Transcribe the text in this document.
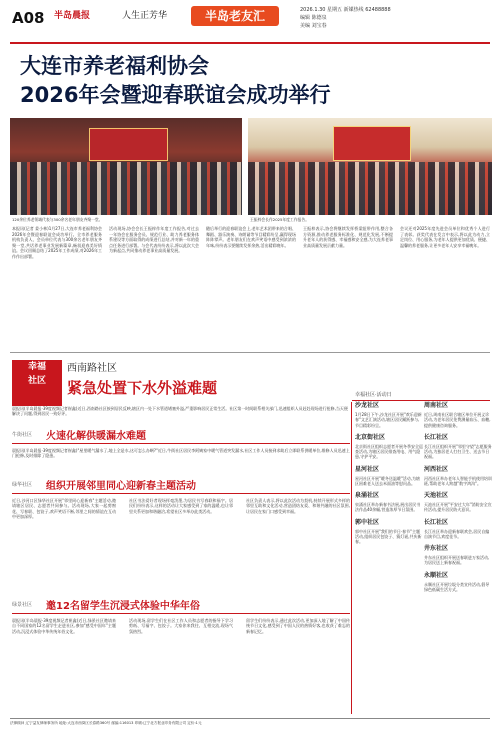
A08 半岛晨报	人生正芳华	半岛老友汇	2026.1.30 星期五 新媒热线 62488888
编辑 陈德泉
美编 刘宝春
大连市养老福利协会
2026年会暨迎春联谊会成功举行
120余位养老领域代表与300余名老年朋友齐聚一堂。	王振梓会长作2025年度工作报告。
本报讯(记者 姜小林)1月27日,大连市养老福利协会2026年会暨迎春联谊会成功举行。全市养老服务机构负责人、会员单位代表与300余名老年朋友齐聚一堂,共话养老事业发展新篇章,畅叙迎春美好情谊。会议回顾总结了2025年工作成绩,对2026年工作作出部署。
活动现场,协会会长王振梓作年度工作报告,对过去一年协会在服务会员、规范行业、助力养老服务体系建设等方面取得的成绩进行总结,并对新一年的重点任务进行部署。与会代表纷纷表示,将以此次大会为新起点,共同推动养老事业高质量发展。
随后举行的迎春联谊会上,老年艺术团带来的合唱、舞蹈、器乐演奏、诗朗诵等节目精彩纷呈,赢得现场阵阵掌声。老年朋友们在欢声笑语中感受到浓浓的年味,纷纷表示要继续发挥余热,活出精彩晚年。
王振梓表示,协会将继续发挥桥梁纽带作用,整合各方资源,推动养老服务标准化、规范化发展,不断提升老年人的获得感、幸福感和安全感,为大连养老事业高质量发展贡献力量。
会议还对2025年度先进会员单位和优秀个人进行了表彰。获奖代表在发言中表示,将以此为动力,立足岗位、用心服务,为老年人提供更加优质、便捷、温馨的养老服务,让更多老年人安享幸福晚年。
幸福
社区
西南路社区
紧急处置下水外溢难题
晨报讯(半岛晨报·39度视频记者崔鑫)近日,西南路社区接到居民反映,辖区内一处下水管道堵塞外溢,严重影响居民正常生活。社区第一时间联系相关部门,迅速组织人员赶赴现场进行抢修,当天便解决了问题,得到居民一致好评。
牛街社区 火速化解供暖漏水难题
晨报讯(半岛晨报·39度视频记者崔鑫)"屋里暖气漏水了,地上全是水,这可怎么办啊?"近日,牛街社区居民李阿姨家中暖气管道突发漏水,社区工作人员接到求助后立即联系供暖单位,维修人员迅速上门抢修,及时排除了隐患。
绿华社区 组织开展邻里同心迎新春主题活动
近日,沙河口区绿华社区开展"邻里同心迎新春"主题活动,邀请辖区居民、志愿者共同参与。活动现场,大家一起剪窗花、写春联、包饺子,欢声笑语不断,邻里之间的情谊在互动中更加深厚。
社区书法爱好者现场挥毫泼墨,为居民书写春联和福字。居民们纷纷表示,这样的活动让大家感受到了家的温暖,也让邻里关系更加和谐融洽,希望社区多举办此类活动。
社区负责人表示,将以此次活动为契机,持续开展形式多样的邻里互助和文化活动,营造团结友爱、和谐共融的社区氛围,让居民在家门口感受到幸福。
绿景社区 邀12名留学生沉浸式体验中华年俗
晨报讯(半岛晨报·39度视频记者崔鑫)近日,绿景社区邀请来自不同国家的12名留学生走进社区,参加"感受中国年"主题活动,沉浸式体验中华传统年俗文化。
活动现场,留学生们在社区工作人员和志愿者的指导下学习剪纸、写福字、包饺子。大家你来我往、互相交流,现场气氛热烈。
留学生们纷纷表示,通过此次活动,更加深入地了解了中国传统节日文化,感受到了中国人民的热情好客,也收获了难忘的新春记忆。
幸福社区·活动日
沙龙社区
1月28日下午,沙龙社区开展"欢乐迎新春"文艺汇演活动,辖区居民踊跃参与,节目精彩纷呈。
北京街社区
北京街社区组织志愿者开展冬季安全巡查活动,为辖区居民排查用电、用气隐患,守护平安。
星河社区
星河社区开展"暖冬送温暖"活动,为辖区困难老人送去米面油等慰问品。
泉涌社区
泉涌社区举办新春书法展,展出居民书法作品40余幅,营造浓厚节日氛围。
郭中社区
郭中社区开展"我们的节日·春节"主题活动,组织居民包饺子、猜灯谜,共庆新春。
周南社区
近日,周南社区联合辖区单位开展义诊活动,为老年居民免费测量血压、血糖,提供健康咨询服务。
长江社区
长江社区组织开展"邻里守望"志愿服务活动,为独居老人打扫卫生、送去节日祝福。
河西社区
河西社区举办老年人智能手机使用培训班,帮助老年人跨越"数字鸿沟"。
天池社区
天池社区开展"平安过大年"消防安全宣传活动,提升居民防火意识。
长江社区
长江社区举办迎新春联欢会,居民自编自演节目,欢度佳节。
井东社区
井东社区组织开展送春联进万家活动,为居民送上新春祝福。
永顺社区
永顺社区开展垃圾分类宣传活动,倡导绿色低碳生活方式。
法律顾问 辽宁益友律师事务所 地址:大连市西岗区长春路360号 邮编:116013 印刷:辽宁北方报业印务有限公司 定价:1元
